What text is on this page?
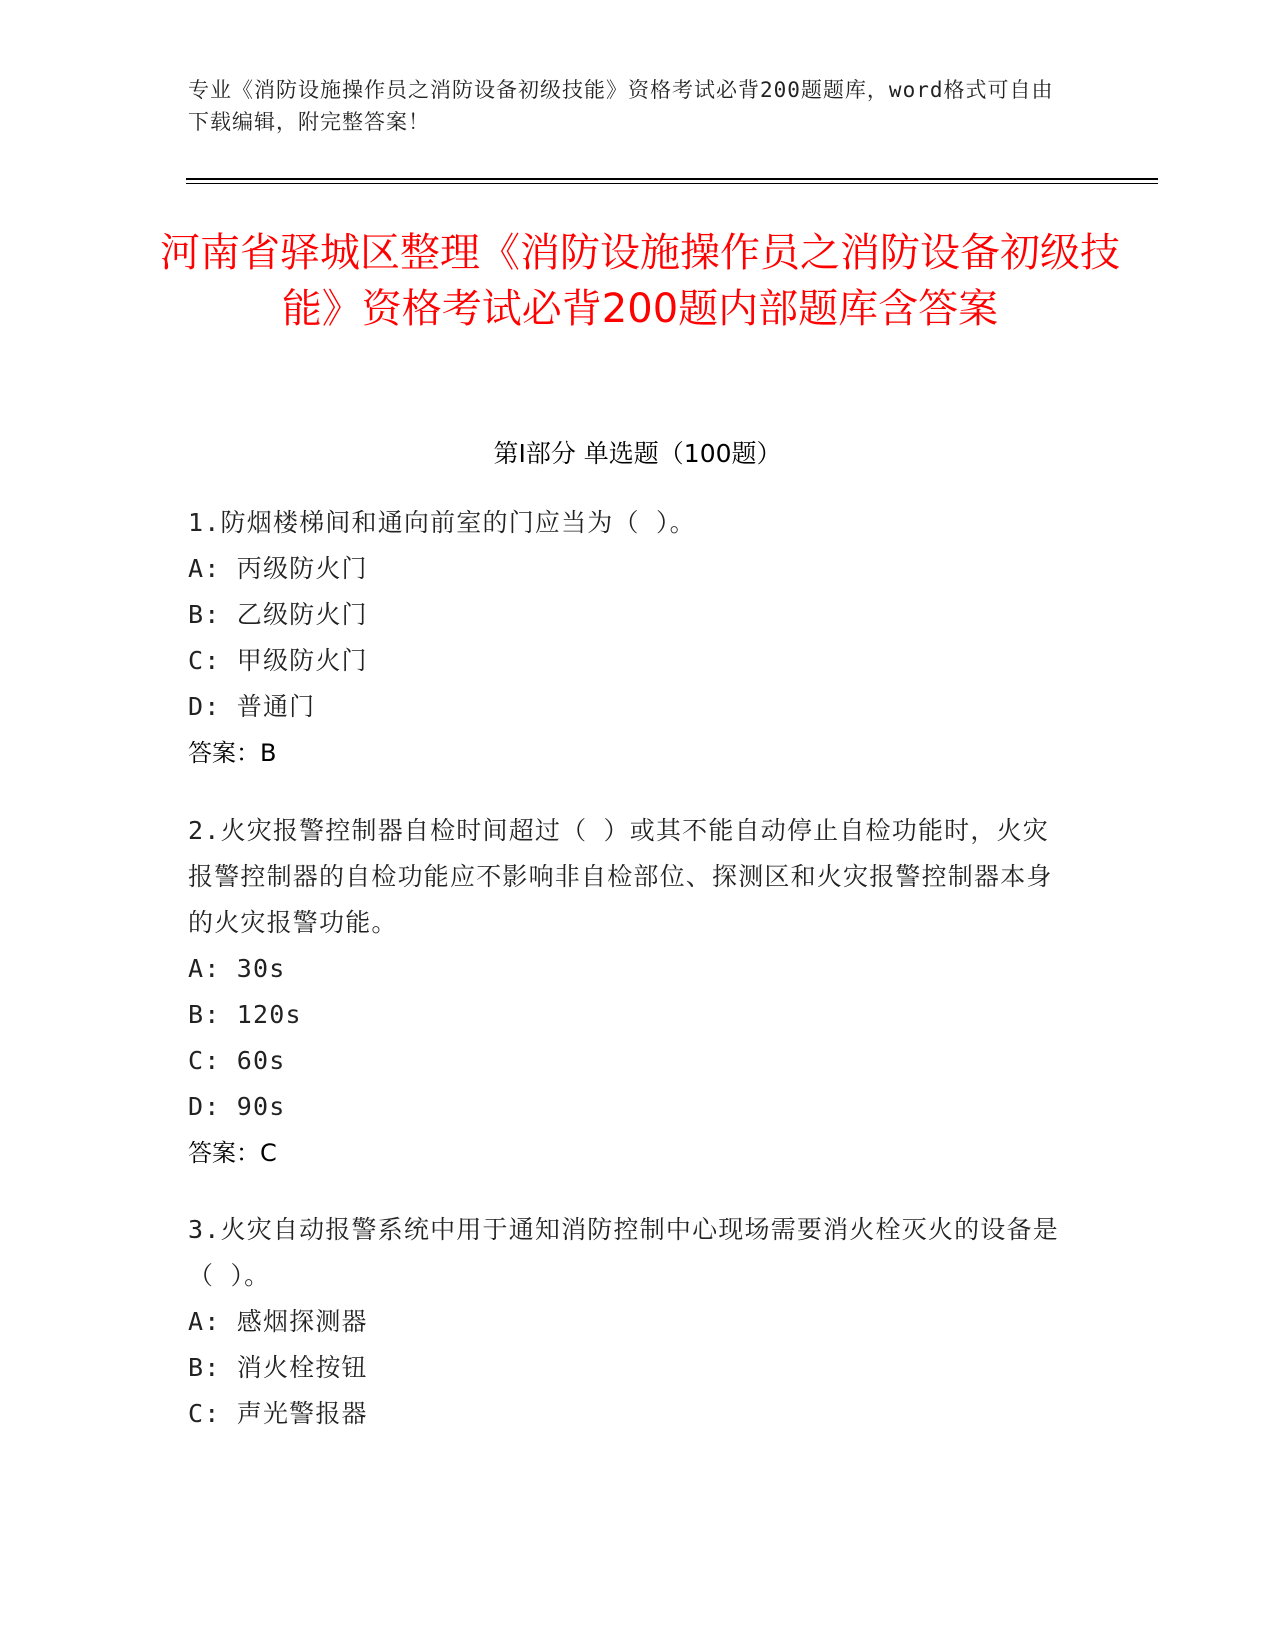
专业《消防设施操作员之消防设备初级技能》资格考试必背200题题库，word格式可自由下载编辑，附完整答案！
河南省驿城区整理《消防设施操作员之消防设备初级技能》资格考试必背200题内部题库含答案
第Ⅰ部分 单选题（100题）

1.防烟楼梯间和通向前室的门应当为（ ）。

A: 丙级防火门

B: 乙级防火门

C: 甲级防火门

D: 普通门

答案：B

2.火灾报警控制器自检时间超过（ ）或其不能自动停止自检功能时，火灾报警控制器的自检功能应不影响非自检部位、探测区和火灾报警控制器本身的火灾报警功能。

A: 30s

B: 120s

C: 60s

D: 90s

答案：C

3.火灾自动报警系统中用于通知消防控制中心现场需要消火栓灭火的设备是（ ）。

A: 感烟探测器

B: 消火栓按钮

C: 声光警报器
